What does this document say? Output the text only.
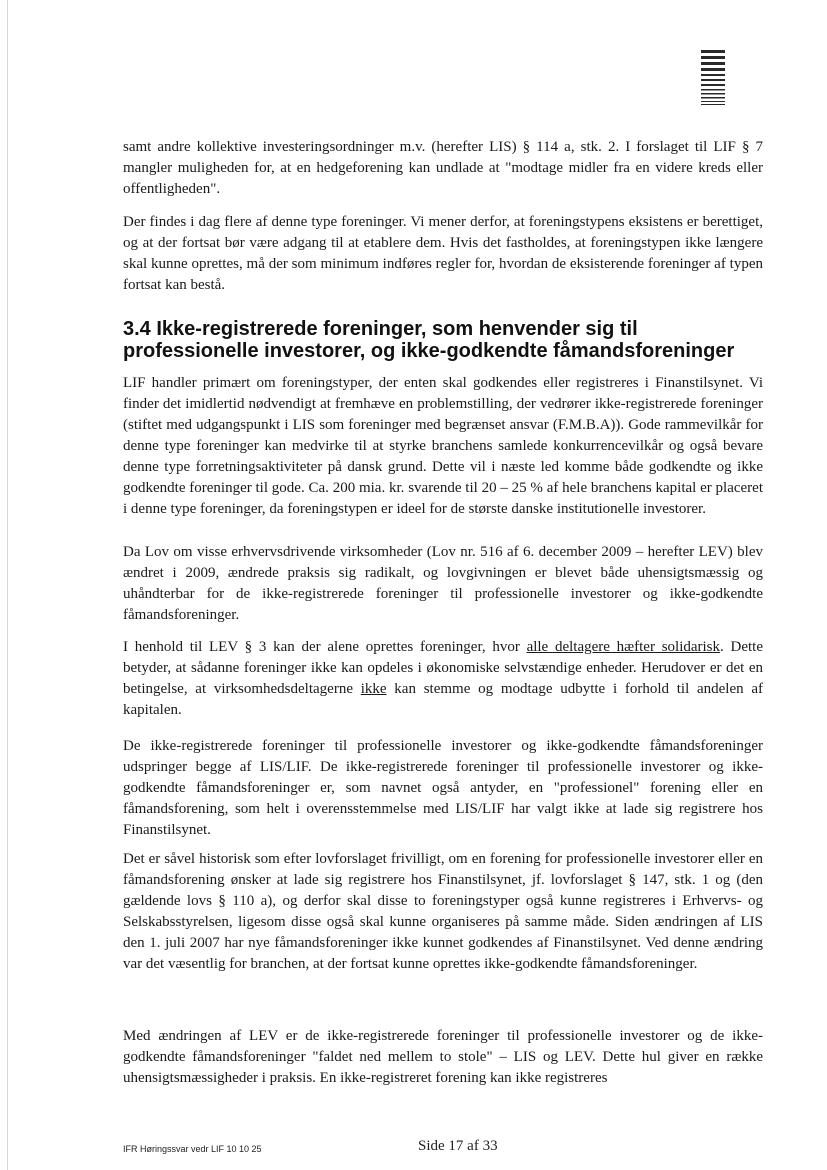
samt andre kollektive investeringsordninger m.v. (herefter LIS) § 114 a, stk. 2. I forslaget til LIF § 7 mangler muligheden for, at en hedgeforening kan undlade at "modtage midler fra en videre kreds eller offentligheden".

Der findes i dag flere af denne type foreninger. Vi mener derfor, at foreningstypens eksistens er berettiget, og at der fortsat bør være adgang til at etablere dem. Hvis det fastholdes, at foreningstypen ikke længere skal kunne oprettes, må der som minimum indføres regler for, hvordan de eksisterende foreninger af typen fortsat kan bestå.

3.4 Ikke-registrerede foreninger, som henvender sig til professionelle investorer, og ikke-godkendte fåmandsforeninger

LIF handler primært om foreningstyper, der enten skal godkendes eller registreres i Finanstilsynet. Vi finder det imidlertid nødvendigt at fremhæve en problemstilling, der vedrører ikke-registrerede foreninger (stiftet med udgangspunkt i LIS som foreninger med begrænset ansvar (F.M.B.A)). Gode rammevilkår for denne type foreninger kan medvirke til at styrke branchens samlede konkurrencevilkår og også bevare denne type forretningsaktiviteter på dansk grund. Dette vil i næste led komme både godkendte og ikke godkendte foreninger til gode. Ca. 200 mia. kr. svarende til 20 – 25 % af hele branchens kapital er placeret i denne type foreninger, da foreningstypen er ideel for de største danske institutionelle investorer.

Da Lov om visse erhvervsdrivende virksomheder (Lov nr. 516 af 6. december 2009 – herefter LEV) blev ændret i 2009, ændrede praksis sig radikalt, og lovgivningen er blevet både uhensigtsmæssig og uhåndterbar for de ikke-registrerede foreninger til professionelle investorer og ikke-godkendte fåmandsforeninger.

I henhold til LEV § 3 kan der alene oprettes foreninger, hvor alle deltagere hæfter solidarisk. Dette betyder, at sådanne foreninger ikke kan opdeles i økonomiske selvstændige enheder. Herudover er det en betingelse, at virksomhedsdeltagerne ikke kan stemme og modtage udbytte i forhold til andelen af kapitalen.

De ikke-registrerede foreninger til professionelle investorer og ikke-godkendte fåmandsforeninger udspringer begge af LIS/LIF. De ikke-registrerede foreninger til professionelle investorer og ikke-godkendte fåmandsforeninger er, som navnet også antyder, en "professionel" forening eller en fåmandsforening, som helt i overensstemmelse med LIS/LIF har valgt ikke at lade sig registrere hos Finanstilsynet.

Det er såvel historisk som efter lovforslaget frivilligt, om en forening for professionelle investorer eller en fåmandsforening ønsker at lade sig registrere hos Finanstilsynet, jf. lovforslaget § 147, stk. 1 og (den gældende lovs § 110 a), og derfor skal disse to foreningstyper også kunne registreres i Erhvervs- og Selskabsstyrelsen, ligesom disse også skal kunne organiseres på samme måde. Siden ændringen af LIS den 1. juli 2007 har nye fåmandsforeninger ikke kunnet godkendes af Finanstilsynet. Ved denne ændring var det væsentlig for branchen, at der fortsat kunne oprettes ikke-godkendte fåmandsforeninger.

Med ændringen af LEV er de ikke-registrerede foreninger til professionelle investorer og de ikke-godkendte fåmandsforeninger "faldet ned mellem to stole" – LIS og LEV. Dette hul giver en række uhensigtsmæssigheder i praksis. En ikke-registreret forening kan ikke registreres

IFR Høringssvar vedr LIF 10 10 25	Side 17 af 33
